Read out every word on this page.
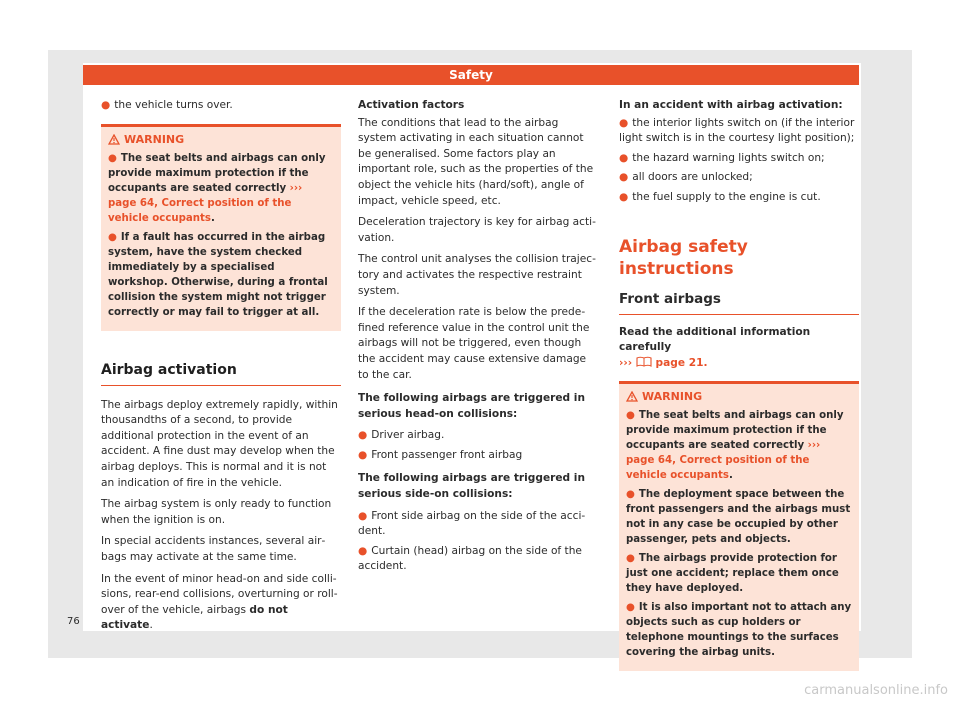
Safety
● the vehicle turns over.
WARNING
● The seat belts and airbags can only provide maximum protection if the occupants are seated correctly ››› page 64, Correct position of the vehicle occupants.
● If a fault has occurred in the airbag system, have the system checked immediately by a specialised workshop. Otherwise, during a frontal collision the system might not trigger correctly or may fail to trigger at all.
Airbag activation

The airbags deploy extremely rapidly, within thousandths of a second, to provide additional protection in the event of an accident. A fine dust may develop when the airbag deploys. This is normal and it is not an indication of fire in the vehicle.

The airbag system is only ready to function when the ignition is on.

In special accidents instances, several airbags may activate at the same time.

In the event of minor head-on and side collisions, rear-end collisions, overturning or rollover of the vehicle, airbags do not activate.

Activation factors

The conditions that lead to the airbag system activating in each situation cannot be generalised. Some factors play an important role, such as the properties of the object the vehicle hits (hard/soft), angle of impact, vehicle speed, etc.

Deceleration trajectory is key for airbag activation.

The control unit analyses the collision trajectory and activates the respective restraint system.

If the deceleration rate is below the predefined reference value in the control unit the airbags will not be triggered, even though the accident may cause extensive damage to the car.

The following airbags are triggered in serious head-on collisions:

● Driver airbag.
● Front passenger front airbag

The following airbags are triggered in serious side-on collisions:

● Front side airbag on the side of the accident.
● Curtain (head) airbag on the side of the accident.

In an accident with airbag activation:

● the interior lights switch on (if the interior light switch is in the courtesy light position);
● the hazard warning lights switch on;
● all doors are unlocked;
● the fuel supply to the engine is cut.
Airbag safety instructions
Front airbags

Read the additional information carefully
››› page 21.

WARNING
● The seat belts and airbags can only provide maximum protection if the occupants are seated correctly ››› page 64, Correct position of the vehicle occupants.
● The deployment space between the front passengers and the airbags must not in any case be occupied by other passenger, pets and objects.
● The airbags provide protection for just one accident; replace them once they have deployed.
● It is also important not to attach any objects such as cup holders or telephone mountings to the surfaces covering the airbag units.
76
carmanualsonline.info
